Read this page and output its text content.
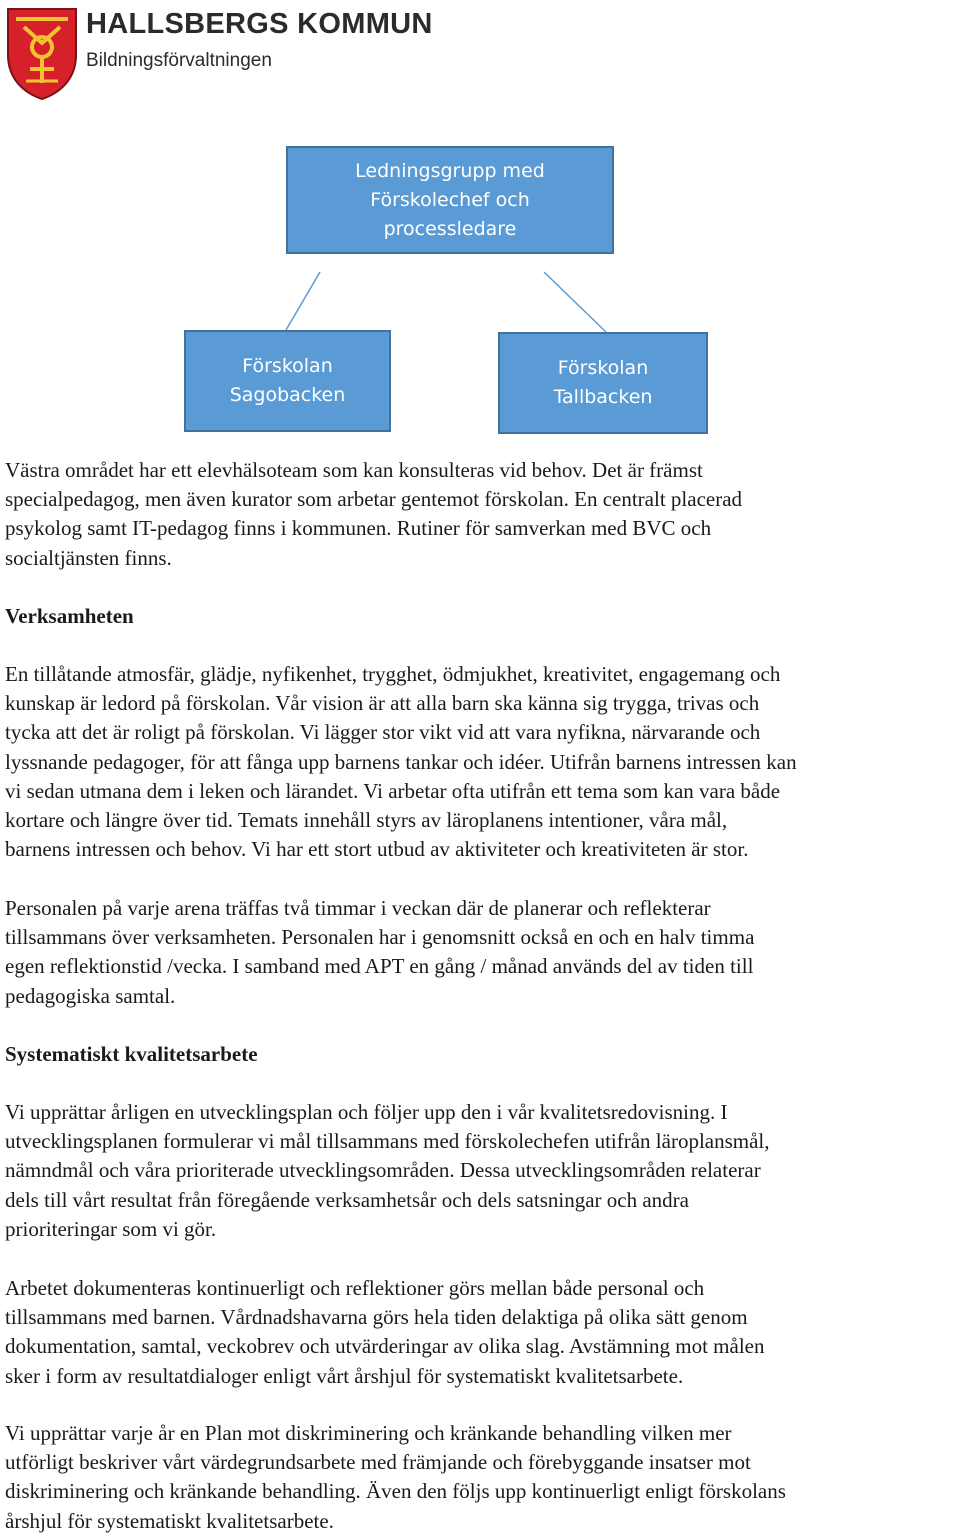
HALLSBERGS KOMMUN
Bildningsförvaltningen
Ledningsgrupp med
Förskolechef och
processledare
Förskolan
Sagobacken
Förskolan
Tallbacken
Västra området har ett elevhälsoteam som kan konsulteras vid behov. Det är främst
specialpedagog, men även kurator som arbetar gentemot förskolan. En centralt placerad
psykolog samt IT-pedagog finns i kommunen. Rutiner för samverkan med BVC och
socialtjänsten finns.
Verksamheten
En tillåtande atmosfär, glädje, nyfikenhet, trygghet, ödmjukhet, kreativitet, engagemang och
kunskap är ledord på förskolan. Vår vision är att alla barn ska känna sig trygga, trivas och
tycka att det är roligt på förskolan. Vi lägger stor vikt vid att vara nyfikna, närvarande och
lyssnande pedagoger, för att fånga upp barnens tankar och idéer. Utifrån barnens intressen kan
vi sedan utmana dem i leken och lärandet. Vi arbetar ofta utifrån ett tema som kan vara både
kortare och längre över tid. Temats innehåll styrs av läroplanens intentioner, våra mål,
barnens intressen och behov. Vi har ett stort utbud av aktiviteter och kreativiteten är stor.
Personalen på varje arena träffas två timmar i veckan där de planerar och reflekterar
tillsammans över verksamheten. Personalen har i genomsnitt också en och en halv timma
egen reflektionstid /vecka. I samband med APT en gång / månad används del av tiden till
pedagogiska samtal.
Systematiskt kvalitetsarbete
Vi upprättar årligen en utvecklingsplan och följer upp den i vår kvalitetsredovisning. I
utvecklingsplanen formulerar vi mål tillsammans med förskolechefen utifrån läroplansmål,
nämndmål och våra prioriterade utvecklingsområden. Dessa utvecklingsområden relaterar
dels till vårt resultat från föregående verksamhetsår och dels satsningar och andra
prioriteringar som vi gör.
Arbetet dokumenteras kontinuerligt och reflektioner görs mellan både personal och
tillsammans med barnen. Vårdnadshavarna görs hela tiden delaktiga på olika sätt genom
dokumentation, samtal, veckobrev och utvärderingar av olika slag. Avstämning mot målen
sker i form av resultatdialoger enligt vårt årshjul för systematiskt kvalitetsarbete.
Vi upprättar varje år en Plan mot diskriminering och kränkande behandling vilken mer
utförligt beskriver vårt värdegrundsarbete med främjande och förebyggande insatser mot
diskriminering och kränkande behandling. Även den följs upp kontinuerligt enligt förskolans
årshjul för systematiskt kvalitetsarbete.
